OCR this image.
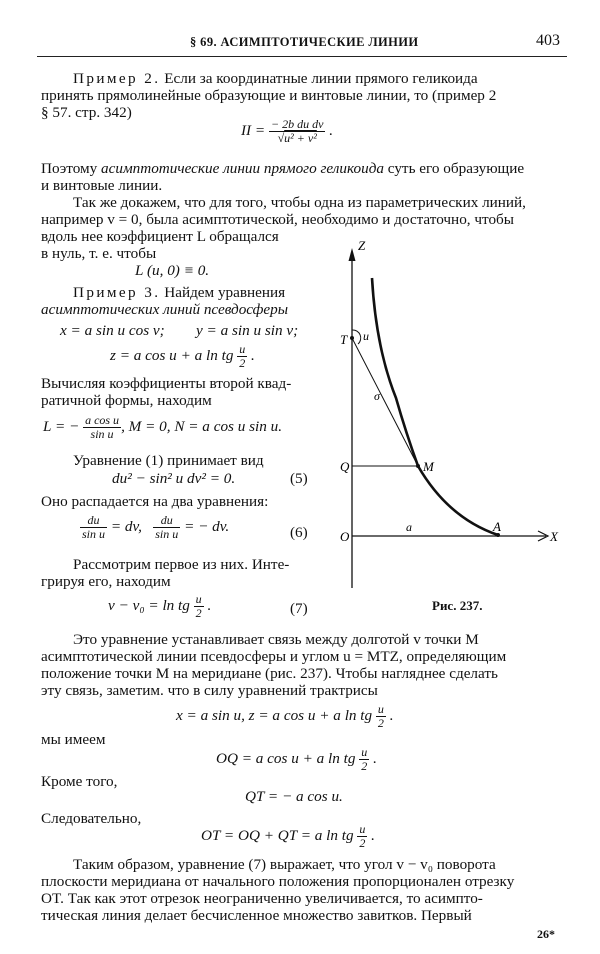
§ 69. АСИМПТОТИЧЕСКИЕ ЛИНИИ	403
Пример 2. Если за координатные линии прямого геликоида
принять прямолинейные образующие и винтовые линии, то (пример 2
§ 57. стр. 342)
II = $\frac{\text{− 2b du dv}}{\text{√u² + v²}}$ .
Поэтому асимптотические линии прямого геликоида суть его образующие
и винтовые линии.
Так же докажем, что для того, чтобы одна из параметрических линий,
например v = 0, была асимптотической, необходимо и достаточно, чтобы
вдоль нее коэффициент L обращался
в нуль, т. е. чтобы
L (u, 0) ≡ 0.
Пример 3. Найдем уравнения
асимптотических линий псевдосферы
x = a sin u cos v; y = a sin u sin v;
z = a cos u + a ln tg $\frac{u}{2}$ .
Вычисляя коэффициенты второй квад-
ратичной формы, находим
L = − $\frac{\text{a cos u}}{\text{sin u}}$ , M = 0, N = a cos u sin u.
Уравнение (1) принимает вид
du² − sin² u dv² = 0.	(5)
Оно распадается на два уравнения:
$\frac{du}{\text{sin u}}$ = dv, $\frac{du}{\text{sin u}}$ = − dv.	(6)
Рассмотрим первое из них. Интe-
грируя его, находим
v − v₀ = ln tg $\frac{u}{2}$ .	(7)
Z
X
T u
σ
Q	M
O
a	A
Рис. 237.
Это уравнение устанавливает связь между долготой v точки M
асимптотической линии псевдосферы и углом u = MTZ, определяющим
положение точки M на меридиане (рис. 237). Чтобы нагляднее сделать
эту связь, заметим. что в силу уравнений трактрисы
x = a sin u, z = a cos u + a ln tg $\frac{u}{2}$ .
мы имеем
OQ = a cos u + a ln tg $\frac{u}{2}$ .
Кроме того,
QT = − a cos u.
Следовательно,
OT = OQ + QT = a ln tg $\frac{u}{2}$ .
Таким образом, уравнение (7) выражает, что угол v − v₀ поворота
плоскости меридиана от начального положения пропорционален отрезку
OT. Так как этот отрезок неограниченно увеличивается, то асимпто-
тическая линия делает бесчисленное множество завитков. Первый
26*
